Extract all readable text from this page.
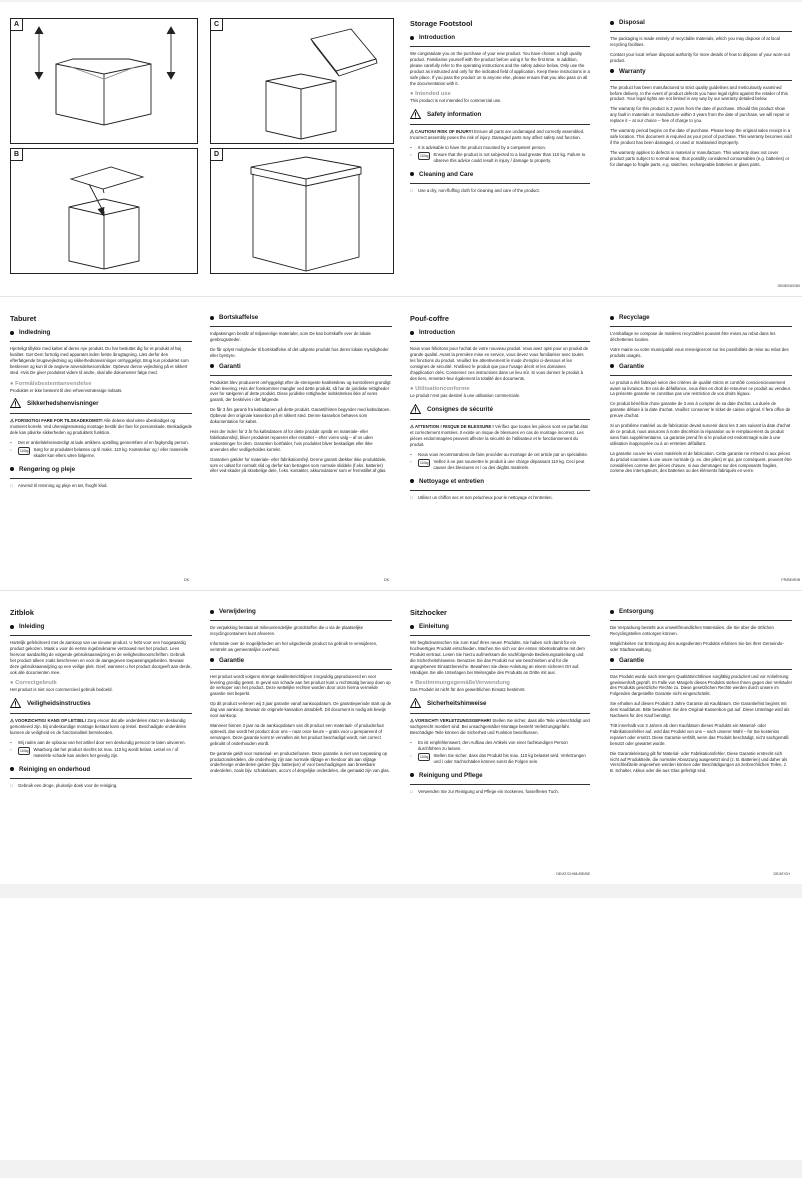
A	C
B	D
Storage Footstool
Introduction

We congratulate you on the purchase of your new product. You have chosen a high quality product. Familiarise yourself with the product before using it for the first time. In addition, please carefully refer to the operating instructions and the safety advice below. Only use the product as instructed and only for the indicated field of application. Keep these instructions in a safe place. If you pass the product on to anyone else, please ensure that you also pass on all the documentation with it.

● Intended use

This product is not intended for commercial use.

Safety information

⚠ CAUTION! RISK OF INJURY! Ensure all parts are undamaged and correctly assembled. Incorrect assembly poses the risk of injury. Damaged parts may affect safety and function.

▪	It is advisable to have the product mounted by a competent person.
▫	110kg	Ensure that the product is not subjected to a load greater than 110 kg. Failure to observe this advice could result in injury / damage to property.
Cleaning and Care
□	Use a dry, non-fluffing cloth for cleaning and care of the product.
Disposal

The packaging is made entirely of recyclable materials, which you may dispose of at local recycling facilities.

Contact your local refuse disposal authority for more details of how to dispose of your worn-out product.

Warranty

The product has been manufactured to strict quality guidelines and meticulously examined before delivery. In the event of product defects you have legal rights against the retailer of this product. Your legal rights are not limited in any way by our warranty detailed below.

The warranty for this product is 3 years from the date of purchase. Should this product show any fault in materials or manufacture within 3 years from the date of purchase, we will repair or replace it – at our choice – free of charge to you.

The warranty period begins on the date of purchase. Please keep the original sales receipt in a safe location. This document is required as your proof of purchase. This warranty becomes void if the product has been damaged, or used or maintained improperly.

The warranty applies to defects in material or manufacture. This warranty does not cover product parts subject to normal wear, thus possibly considered consumables (e.g. batteries) or for damage to fragile parts, e.g. switches, rechargeable batteries or glass parts.

GB/IE/NI/GB/I
Taburet
Indledning

Hjerteligt tillykke med købet af deres nye produkt. Du har besluttet dig for et produkt af høj kvalitet. Gør Dem fortrolig med apparatet inden første ibrugtagning. Læs derfor den efterfølgende brugsvejledning og sikkerhedsanvisninger omhyggeligt. Brug kun produktet som beskrevet og kun til de angivne anvendelsesområder. Opbevar denne vejledning på et sikkert sted. Hvis De giver produktet videre til andre, skal alle dokumenter følge med.

● Formålsbestemtanvendelse

Produktet er ikke bestemt til den erhvervsmæssige indsats.

Sikkerhedshenvisninger

⚠ FORSIGTIG! FARE FOR TILSKADEKOMST! Alle delene skal være ubeskadiget og monteret korrekt. Ved uhensigtsmæssig montage består der fare for personskade. Beskadigede dele kan påvirke sikkerheden og produktets funktion.

▪	Det er anbefalelsesværdigt at lade artiklens opstilling gennemføre af en fagkyndig person.
▫	110kg	Sørg for at produktet belastes op til maks. 110 kg. Kvæstelser og / eller materielle skader kan ellers være følgerne.
Rengøring og pleje
□	Anvend til rensning og pleje en tør, fnugfri klud.
Bortskaffelse

Indpakningen består af miljøvenlige materialer, som De kan bortskaffe over de lokale genbrugssteder.

De får oplyst muligheder til bortskaffelse af det udtjente produkt hos deres lokale myndigheder eller byrstyre.

Garanti

Produktet blev produceret omhyggeligt efter de strengeste kvalitetskrav og kontrolleret grundigt inden levering. Hvis der forekommer mangler ved dette produkt, så har de juridiske rettigheder over for sælgeren af dette produkt. Disse juridiske rettigheder indskrænkes ikke af vores garanti, der beskrives i det følgende.

De får 3 års garanti fra købsdatoen på dette produkt. Garantifristen begynder med købsdatoen. Opbevar den originale kassebon på et sikkert sted. Denne kassebon behøves som dokumentation for købet.

Hvis der inden for 3 år fra købsdatoen af for dette produkt opstår en materiale- eller fabrikationsfejl, bliver produktet repareret eller erstattet – efter vores valg – af os uden omkostninger for dem. Garantien bortfalder, hvis produktet bliver beskadiget eller ikke anvendes eller vedligeholdes korrekt.

Garantien gælder for materiale- eller fabrikationsfejl. Denne garanti dækker ikke produktdele, som er udsat for normalt slid og derfor kan betragtes som normale sliddele (f.eks. batterier) eller ved skader på skrøbelige dele, f.eks. kontakter, akkumulatorer som er fremstillet af glas.

DK	DK
Pouf-coffre
Introduction

Nous vous félicitons pour l'achat de votre nouveau produit. Vous avez opté pour un produit de grande qualité. Avant la première mise en service, vous devez vous familiariser avec toutes les fonctions du produit. Veuillez lire attentivement le mode d'emploi ci-dessous et les consignes de sécurité. N'utilisez le produit que pour l'usage décrit et les domaines d'application cités. Conservez ces instructions dans un lieu sûr. Si vous donnez le produit à des tiers, remettez-leur également la totalité des documents.

● Utilisationconforme

Le produit n'est pas destiné à une utilisation commerciale.

Consignes de sécurité

⚠ ATTENTION ! RISQUE DE BLESSURE ! Vérifiez que toutes les pièces sont en parfait état et correctement montées. Il existe un risque de blessures en cas de montage incorrect. Les pièces endommagées peuvent affecter la sécurité de l'utilisateur et le fonctionnement du produit.

▪	Nous vous recommandons de faire procéder au montage de cet article par un spécialiste.
▫	110kg	Veillez à ne pas soumettre le produit à une charge dépassant 110 kg. Ceci peut causer des blessures et / ou des dégâts matériels.
Nettoyage et entretien
□	Utiliser un chiffon sec et non pelucheux pour le nettoyage et l'entretien.
Recyclage

L'emballage se compose de matières recyclables pouvant être mises au rebut dans les déchetteries locales.

Votre mairie ou votre municipalité vous renseigneront sur les possibilités de mise au rebut des produits usagés.

Garantie

Le produit a été fabriqué selon des critères de qualité stricts et contrôlé consciencieusement avant sa livraison. En cas de défaillance, vous êtes en droit de retourner ce produit au vendeur. La présente garantie ne constitue pas une restriction de vos droits légaux.

Ce produit bénéficie d'une garantie de 3 ans à compter de sa date d'achat. La durée de garantie débute à la date d'achat. Veuillez conserver le ticket de caisse original. Il fera office de preuve d'achat.

Si un problème matériel ou de fabrication devait survenir dans les 3 ans suivant la date d'achat de ce produit, nous assurons à notre discrétion la réparation ou le remplacement du produit sans frais supplémentaires. La garantie prend fin si le produit est endommagé suite à une utilisation inappropriée ou à un entretien défaillant.

La garantie couvre les vices matériels et de fabrication. Cette garantie ne s'étend ni aux pièces du produit soumises à une usure normale (p. ex. des piles) et qui, par conséquent, peuvent être considérées comme des pièces d'usure, ni aux dommages sur des composants fragiles, comme des interrupteurs, des batteries ou des éléments fabriqués en verre.

FR/BE/IR/B
Zitblok
Inleiding

Hartelijk gefeliciteerd met de aankoop van uw nieuwe product. U hebt voor een hoogwaardig product gekozen. Maak u voor de eerste ingebruikname vertrouwd met het product. Lees hiervoor aandachtig de volgende gebruiksaanwijzing en de veiligheidsvoorschriften. Gebruik het product alleen zoals beschreven en voor de aangegeven toepassingsgebieden. Bewaar deze gebruiksaanwijzing op een veilige plek. Geef, wanneer u het product doorgeeft aan derde, ook alle documenten mee.

● Correctgebruik

Het product is niet voor commercieel gebruik bedoeld.

Veiligheidsinstructies

⚠ VOORZICHTIG! KANS OP LETSEL! Zorg ervoor dat alle onderdelen intact en deskundig gemonteerd zijn. Bij ondeskundige montage bestaat kans op letsel. Beschadigde onderdelen kunnen de veiligheid en de functionaliteit beïnvloeden.

▪	Wij raden aan de opbouw van het artikel door een deskundig persoon te laten uitvoeren.
▫	110kg	Waarborg dat het product slechts tot max. 110 kg wordt belast. Letsel en / of materiële schade kan anders het gevolg zijn.
Reiniging en onderhoud
□	Gebruik een droge, pluisvrije doek voor de reiniging.
Verwijdering

De verpakking bestaat uit milieuvriendelijke grondstoffen die u via de plaatselijke recyclingcontainers kunt afvoeren.

Informatie over de mogelijkheden om het uitgediende product na gebruik te verwijderen, verstrekt uw gemeentelijke overheid.

Garantie

Het product wordt volgens strenge kwaliteitsrichtlijnen zorgvuldig geproduceerd en voor levering grondig getest. In geval van schade aan het product kunt u rechtmatig beroep doen op de verkoper van het product. Deze wettelijke rechten worden door onze hierna vermelde garantie niet beperkt.

Op dit product verlenen wij 3 jaar garantie vanaf aankoopdatum. De garantieperiode start op de dag van aankoop. Bewaar de originele kassabon alstublieft. Dit document is nodig als bewijs voor aankoop.

Wanneer binnen 3 jaar na de aankoopdatum van dit product een materiaal- of productiefout optreedt, dan wordt het product door ons – naar onze keuze – gratis voor u gerepareerd of vervangen. Deze garantie komt te vervallen als het product beschadigd wordt, niet correct gebruikt of onderhouden wordt.

De garantie geldt voor materiaal- en productiefouten. Deze garantie is niet van toepassing op productonderdelen, die onderhevig zijn aan normale slijtage en hierdoor als aan slijtage onderhevige onderdelen gelden (bijv. batterijen) of voor beschadigingen aan breekbare onderdelen, zoals bijv. schakelaars, accu's of dergelijke onderdelen, die gemaakt zijn van glas.

Sitzhocker
Einleitung

Wir beglückwünschen Sie zum Kauf Ihres neuen Produkts. Sie haben sich damit für ein hochwertiges Produkt entschieden. Machen Sie sich vor der ersten Inbetriebnahme mit dem Produkt vertraut. Lesen Sie hierzu aufmerksam die nachfolgende Bedienungsanleitung und die Sicherheitshinweise. Benutzen Sie das Produkt nur wie beschrieben und für die angegebenen Einsatzbereiche. Bewahren Sie diese Anleitung an einem sicheren Ort auf. Händigen Sie alle Unterlagen bei Weitergabe des Produkts an Dritte mit aus.

● BestimmungsgemäßeVerwendung

Das Produkt ist nicht für den gewerblichen Einsatz bestimmt.

Sicherheitshinweise

⚠ VORSICHT! VERLETZUNGSGEFAHR! Stellen Sie sicher, dass alle Teile unbeschädigt und sachgerecht montiert sind. Bei unsachgemäßer Montage besteht Verletzungsgefahr. Beschädigte Teile können die Sicherheit und Funktion beeinflussen.

▪	Es ist empfehlenswert, den Aufbau des Artikels von einer fachkundigen Person durchführen zu lassen.
▫	110kg	Stellen Sie sicher, dass das Produkt bis max. 110 kg belastet wird. Verletzungen und / oder Sachschäden können sonst die Folgen sein.
Reinigung und Pflege
□	Verwenden Sie zur Reinigung und Pflege ein trockenes, fusselfreies Tuch.
Entsorgung

Die Verpackung besteht aus umweltfreundlichen Materialien, die Sie über die örtlichen Recyclingstellen entsorgen können.

Möglichkeiten zur Entsorgung des ausgedienten Produkts erfahren Sie bei Ihrer Gemeinde- oder Stadtverwaltung.

Garantie

Das Produkt wurde nach strengen Qualitätsrichtlinien sorgfältig produziert und vor Anlieferung gewissenhaft geprüft. Im Falle von Mängeln dieses Produkts stehen Ihnen gegen den Verkäufer des Produkts gesetzliche Rechte zu. Diese gesetzlichen Rechte werden durch unsere im Folgenden dargestellte Garantie nicht eingeschränkt.

Sie erhalten auf dieses Produkt 3 Jahre Garantie ab Kaufdatum. Die Garantiefrist beginnt mit dem Kaufdatum. Bitte bewahren Sie den Original-Kassenbon gut auf. Diese Unterlage wird als Nachweis für den Kauf benötigt.

Tritt innerhalb von 3 Jahren ab dem Kaufdatum dieses Produkts ein Material- oder Fabrikationsfehler auf, wird das Produkt von uns – nach unserer Wahl – für Sie kostenlos repariert oder ersetzt. Diese Garantie verfällt, wenn das Produkt beschädigt, nicht sachgemäß benutzt oder gewartet wurde.

Die Garantieleistung gilt für Material- oder Fabrikationsfehler. Diese Garantie erstreckt sich nicht auf Produktteile, die normaler Abnutzung ausgesetzt sind (z. B. Batterien) und daher als Verschleißteile angesehen werden können oder Beschädigungen an zerbrechlichen Teilen, z. B. Schalter, Akkus oder die aus Glas gefertigt sind.

DE/AT/CH/NL/BE/BE	DE/AT/CH
